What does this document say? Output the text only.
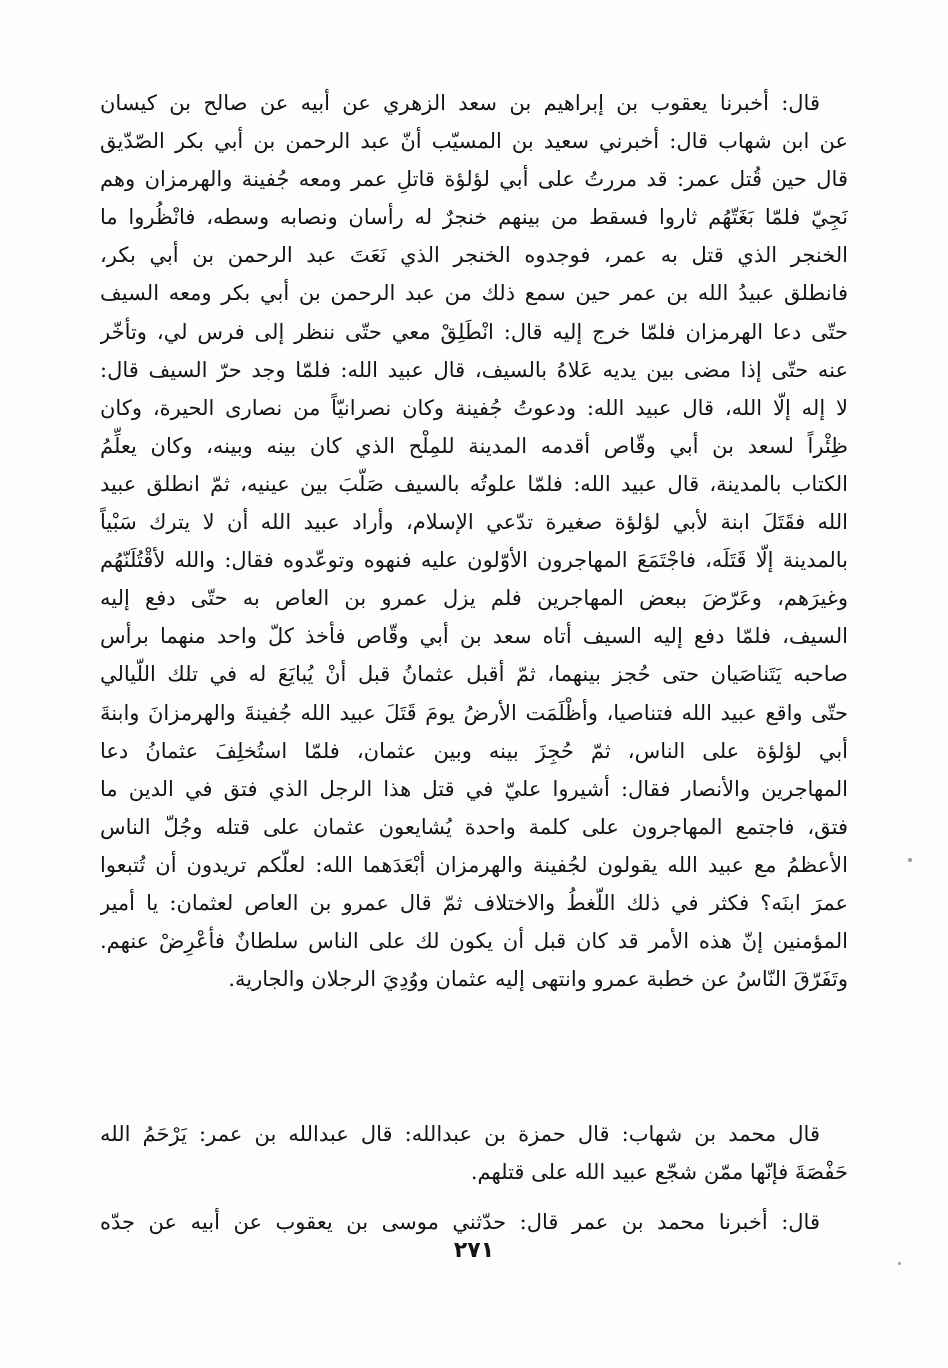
قال: أخبرنا يعقوب بن إبراهيم بن سعد الزهري عن أبيه عن صالح بن كيسان
عن ابن شهاب قال: أخبرني سعيد بن المسيّب أنّ عبد الرحمن بن أبي بكر الصّدّيق
قال حين قُتل عمر: قد مررتُ على أبي لؤلؤة قاتلِ عمر ومعه جُفينة والهرمزان وهم
نَجِيّ فلمّا بَغَتّهُم ثاروا فسقط من بينهم خنجرٌ له رأسان ونصابه وسطه، فانْظُروا ما
الخنجر الذي قتل به عمر، فوجدوه الخنجر الذي نَعَتَ عبد الرحمن بن أبي بكر،
فانطلق عبيدُ الله بن عمر حين سمع ذلك من عبد الرحمن بن أبي بكر ومعه السيف
حتّى دعا الهرمزان فلمّا خرج إليه قال: انْطَلِقْ معي حتّى ننظر إلى فرس لي، وتأخّر
عنه حتّى إذا مضى بين يديه عَلاهُ بالسيف، قال عبيد الله: فلمّا وجد حرّ السيف قال:
لا إله إلّا الله، قال عبيد الله: ودعوتُ جُفينة وكان نصرانيّاً من نصارى الحيرة، وكان
ظِئْراً لسعد بن أبي وقّاص أقدمه المدينة للمِلْح الذي كان بينه وبينه، وكان يعلِّمُ
الكتاب بالمدينة، قال عبيد الله: فلمّا علوتُه بالسيف صَلّبَ بين عينيه، ثمّ انطلق عبيد
الله فقَتَلَ ابنة لأبي لؤلؤة صغيرة تدّعي الإسلام، وأراد عبيد الله أن لا يترك سَبْياً
بالمدينة إلّا قَتَلَه، فاجْتَمَعَ المهاجرون الأوّلون عليه فنهوه وتوعّدوه فقال: والله لأقْتُلَنّهُم
وغيرَهم، وعَرّضَ ببعض المهاجرين فلم يزل عمرو بن العاص به حتّى دفع إليه
السيف، فلمّا دفع إليه السيف أتاه سعد بن أبي وقّاص فأخذ كلّ واحد منهما برأس
صاحبه يَتَناصَيان حتى حُجز بينهما، ثمّ أقبل عثمانُ قبل أنْ يُبايَعَ له في تلك اللّيالي
حتّى واقع عبيد الله فتناصيا، وأظْلَمَت الأرضُ يومَ قَتَلَ عبيد الله جُفينةَ والهرمزانَ وابنةَ
أبي لؤلؤة على الناس، ثمّ حُجِزَ بينه وبين عثمان، فلمّا استُخلِفَ عثمانُ دعا
المهاجرين والأنصار فقال: أشيروا عليّ في قتل هذا الرجل الذي فتق في الدين ما
فتق، فاجتمع المهاجرون على كلمة واحدة يُشايعون عثمان على قتله وجُلّ الناس
الأعظمُ مع عبيد الله يقولون لجُفينة والهرمزان أبْعَدَهما الله: لعلّكم تريدون أن تُتبعوا
عمرَ ابنَه؟ فكثر في ذلك اللّغطُ والاختلاف ثمّ قال عمرو بن العاص لعثمان: يا أمير
المؤمنين إنّ هذه الأمر قد كان قبل أن يكون لك على الناس سلطانٌ فأعْرِضْ عنهم.
وتَفَرّقَ النّاسُ عن خطبة عمرو وانتهى إليه عثمان ووُدِيَ الرجلان والجارية.
قال محمد بن شهاب: قال حمزة بن عبدالله: قال عبدالله بن عمر: يَرْحَمُ الله
حَفْصَةَ فإنّها ممّن شجّع عبيد الله على قتلهم.
قال: أخبرنا محمد بن عمر قال: حدّثني موسى بن يعقوب عن أبيه عن جدّه
٢٧١
